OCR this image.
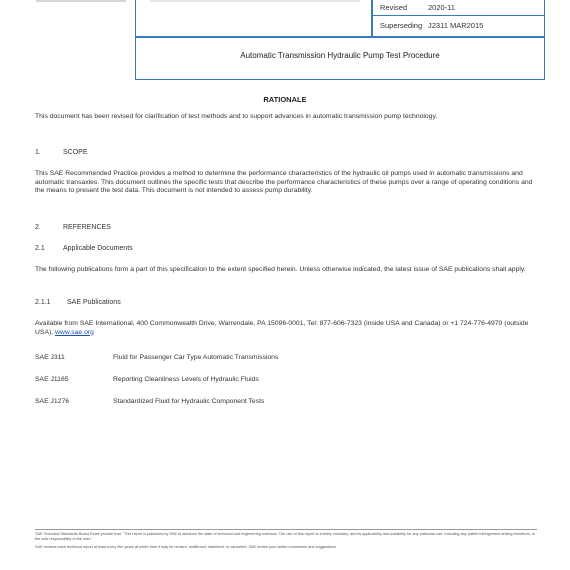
Revised	2020-11
Superseding J2311 MAR2015
Automatic Transmission Hydraulic Pump Test Procedure
RATIONALE
This document has been revised for clarification of test methods and to support advances in automatic transmission pump technology.
1.	SCOPE
This SAE Recommended Practice provides a method to determine the performance characteristics of the hydraulic oil pumps used in automatic transmissions and automatic transaxles. This document outlines the specific tests that describe the performance characteristics of these pumps over a range of operating conditions and the means to present the test data. This document is not intended to assess pump durability.
2.	REFERENCES
2.1	Applicable Documents
The following publications form a part of this specification to the extent specified herein. Unless otherwise indicated, the latest issue of SAE publications shall apply.
2.1.1 SAE Publications
Available from SAE International, 400 Commonwealth Drive, Warrendale, PA 15096-0001, Tel: 877-606-7323 (inside USA and Canada) or +1 724-776-4970 (outside USA), www.sae.org
SAE J311	Fluid for Passenger Car Type Automatic Transmissions
SAE J1165	Reporting Cleanliness Levels of Hydraulic Fluids
SAE J1276	Standardized Fluid for Hydraulic Component Tests
SAE Technical Standards Board Rules provide that: "This report is published by SAE to advance the state of technical and engineering sciences. The use of this report is entirely voluntary, and its applicability and suitability for any particular use, including any patent infringement arising therefrom, is the sole responsibility of the user."
SAE reviews each technical report at least every five years at which time it may be revised, reaffirmed, stabilized, or cancelled. SAE invites your written comments and suggestions.
